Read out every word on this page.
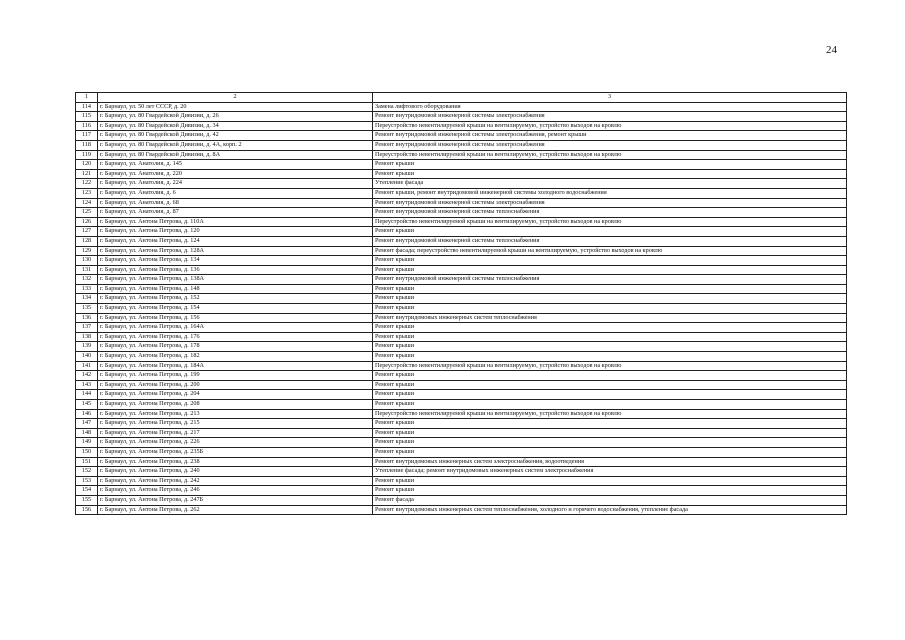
24
1	2	3
114	г. Барнаул, ул. 50 лет СССР, д. 20	Замена лифтового оборудования
115	г. Барнаул, ул. 80 Гвардейской Дивизии, д. 26	Ремонт внутридомовой инженерной системы электроснабжения
116	г. Барнаул, ул. 80 Гвардейской Дивизии, д. 34	Переустройство невентилируемой крыши на вентилируемую, устройство выходов на кровлю
117	г. Барнаул, ул. 80 Гвардейской Дивизии, д. 42	Ремонт внутридомовой инженерной системы электроснабжения, ремонт крыши
118	г. Барнаул, ул. 80 Гвардейской Дивизии, д. 4А, корп. 2	Ремонт внутридомовой инженерной системы электроснабжения
119	г. Барнаул, ул. 80 Гвардейской Дивизии, д. 8А	Переустройство невентилируемой крыши на вентилируемую, устройство выходов на кровлю
120	г. Барнаул, ул. Анатолия, д. 145	Ремонт крыши
121	г. Барнаул, ул. Анатолия, д. 220	Ремонт крыши
122	г. Барнаул, ул. Анатолия, д. 224	Утепление фасада
123	г. Барнаул, ул. Анатолия, д. 6	Ремонт крыши, ремонт внутридомовой инженерной системы холодного водоснабжения
124	г. Барнаул, ул. Анатолия, д. 68	Ремонт внутридомовой инженерной системы электроснабжения
125	г. Барнаул, ул. Анатолия, д. 87	Ремонт внутридомовой инженерной системы теплоснабжения
126	г. Барнаул, ул. Антона Петрова, д. 110А	Переустройство невентилируемой крыши на вентилируемую, устройство выходов на кровлю
127	г. Барнаул, ул. Антона Петрова, д. 120	Ремонт крыши
128	г. Барнаул, ул. Антона Петрова, д. 124	Ремонт внутридомовой инженерной системы теплоснабжения
129	г. Барнаул, ул. Антона Петрова, д. 128А	Ремонт фасада; переустройство невентилируемой крыши на вентилируемую, устройство выходов на кровлю
130	г. Барнаул, ул. Антона Петрова, д. 134	Ремонт крыши
131	г. Барнаул, ул. Антона Петрова, д. 136	Ремонт крыши
132	г. Барнаул, ул. Антона Петрова, д. 138А	Ремонт внутридомовой инженерной системы теплоснабжения
133	г. Барнаул, ул. Антона Петрова, д. 148	Ремонт крыши
134	г. Барнаул, ул. Антона Петрова, д. 152	Ремонт крыши
135	г. Барнаул, ул. Антона Петрова, д. 154	Ремонт крыши
136	г. Барнаул, ул. Антона Петрова, д. 156	Ремонт внутридомовых инженерных систем теплоснабжения
137	г. Барнаул, ул. Антона Петрова, д. 164А	Ремонт крыши
138	г. Барнаул, ул. Антона Петрова, д. 176	Ремонт крыши
139	г. Барнаул, ул. Антона Петрова, д. 178	Ремонт крыши
140	г. Барнаул, ул. Антона Петрова, д. 182	Ремонт крыши
141	г. Барнаул, ул. Антона Петрова, д. 184А	Переустройство невентилируемой крыши на вентилируемую, устройство выходов на кровлю
142	г. Барнаул, ул. Антона Петрова, д. 199	Ремонт крыши
143	г. Барнаул, ул. Антона Петрова, д. 200	Ремонт крыши
144	г. Барнаул, ул. Антона Петрова, д. 204	Ремонт крыши
145	г. Барнаул, ул. Антона Петрова, д. 208	Ремонт крыши
146	г. Барнаул, ул. Антона Петрова, д. 213	Переустройство невентилируемой крыши на вентилируемую, устройство выходов на кровлю
147	г. Барнаул, ул. Антона Петрова, д. 215	Ремонт крыши
148	г. Барнаул, ул. Антона Петрова, д. 217	Ремонт крыши
149	г. Барнаул, ул. Антона Петрова, д. 226	Ремонт крыши
150	г. Барнаул, ул. Антона Петрова, д. 235Б	Ремонт крыши
151	г. Барнаул, ул. Антона Петрова, д. 238	Ремонт внутридомовых инженерных систем электроснабжения, водоотведения
152	г. Барнаул, ул. Антона Петрова, д. 240	Утепление фасада; ремонт внутридомовых инженерных систем электроснабжения
153	г. Барнаул, ул. Антона Петрова, д. 242	Ремонт крыши
154	г. Барнаул, ул. Антона Петрова, д. 246	Ремонт крыши
155	г. Барнаул, ул. Антона Петрова, д. 247Б	Ремонт фасада
156	г. Барнаул, ул. Антона Петрова, д. 262	Ремонт внутридомовых инженерных систем теплоснабжения, холодного и горячего водоснабжения, утепление фасада
